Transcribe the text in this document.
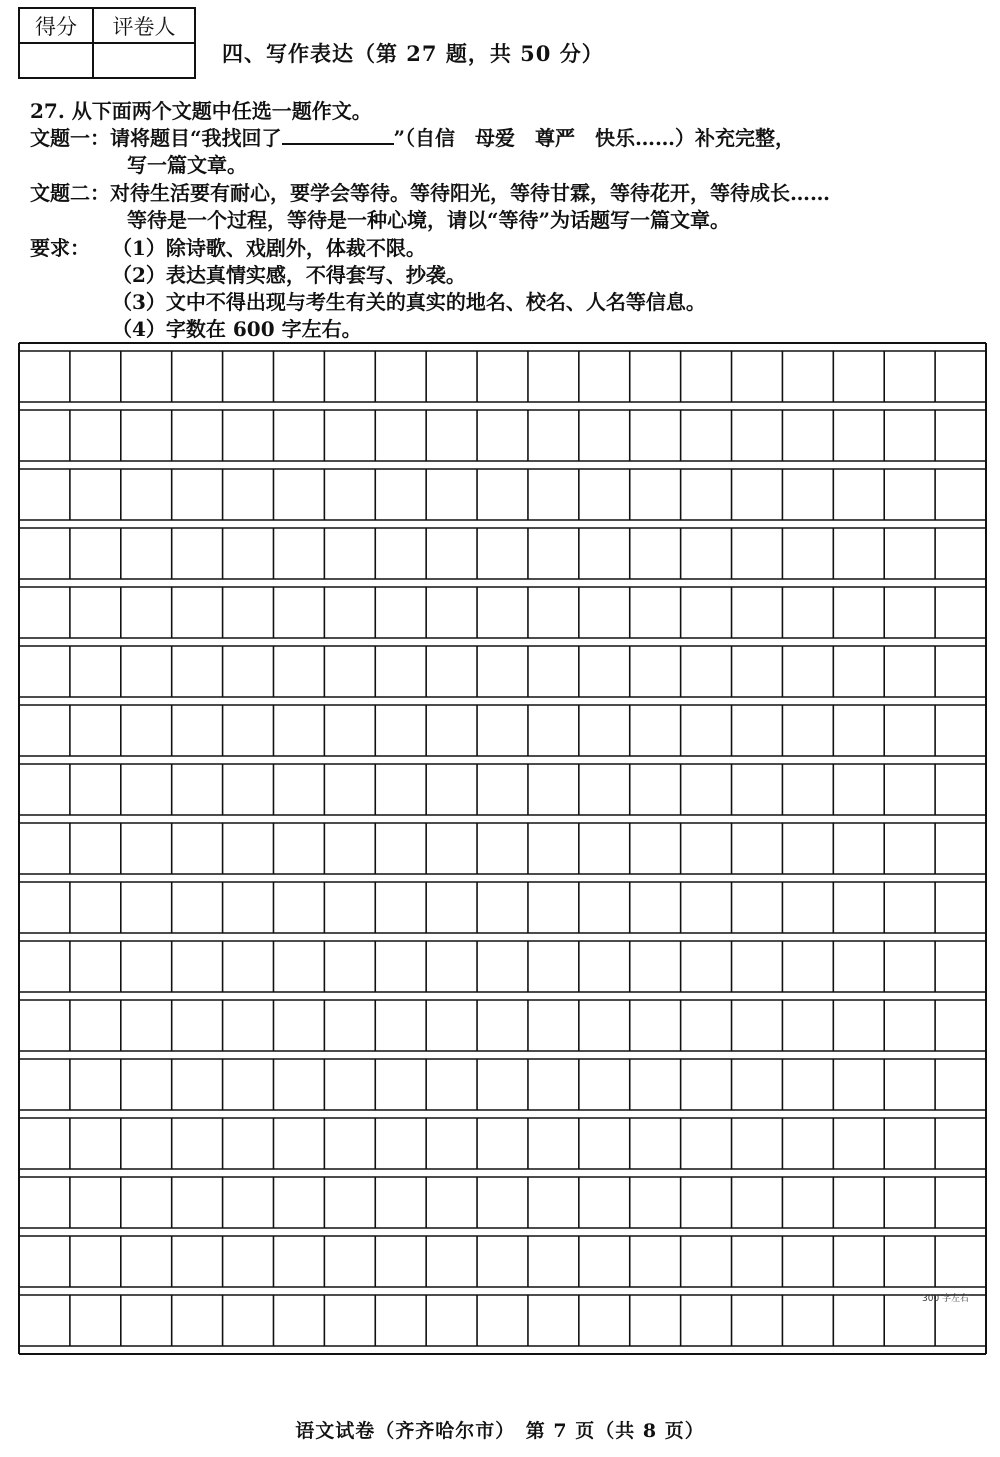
得分	评卷人

四、写作表达（第 27 题，共 50 分）
27. 从下面两个文题中任选一题作文。
文题一：请将题目“我找回了	”（自信　母爱　尊严　快乐……）补充完整，
写一篇文章。
文题二：对待生活要有耐心，要学会等待。等待阳光，等待甘霖，等待花开，等待成长……
等待是一个过程，等待是一种心境，请以“等待”为话题写一篇文章。
要求： （1）除诗歌、戏剧外，体裁不限。
（2）表达真情实感，不得套写、抄袭。
（3）文中不得出现与考生有关的真实的地名、校名、人名等信息。
（4）字数在 600 字左右。
300 字左右
语文试卷（齐齐哈尔市）　第 7 页（共 8 页）
